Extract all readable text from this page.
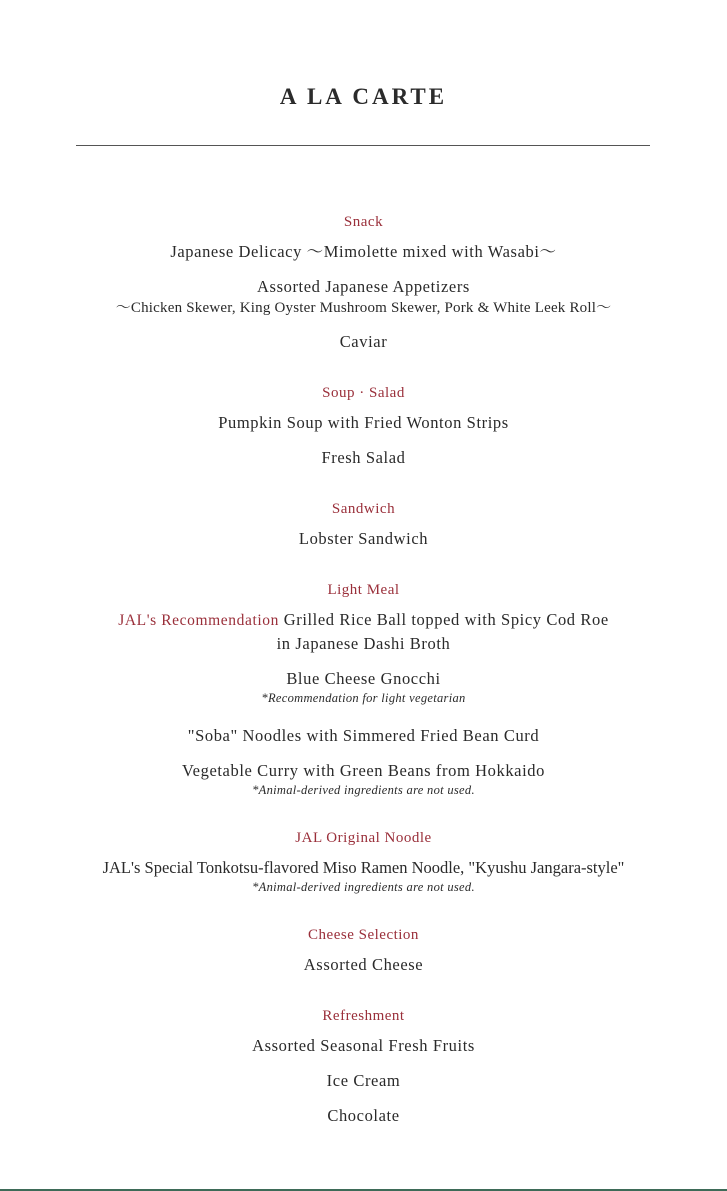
A LA CARTE
Snack
Japanese Delicacy 〜Mimolette mixed with Wasabi〜
Assorted Japanese Appetizers
〜Chicken Skewer, King Oyster Mushroom Skewer, Pork & White Leek Roll〜
Caviar
Soup · Salad
Pumpkin Soup with Fried Wonton Strips
Fresh Salad
Sandwich
Lobster Sandwich
Light Meal
JAL's Recommendation Grilled Rice Ball topped with Spicy Cod Roe
in Japanese Dashi Broth
Blue Cheese Gnocchi
*Recommendation for light vegetarian
"Soba" Noodles with Simmered Fried Bean Curd
Vegetable Curry with Green Beans from Hokkaido
*Animal-derived ingredients are not used.
JAL Original Noodle
JAL's Special Tonkotsu-flavored Miso Ramen Noodle, "Kyushu Jangara-style"
*Animal-derived ingredients are not used.
Cheese Selection
Assorted Cheese
Refreshment
Assorted Seasonal Fresh Fruits
Ice Cream
Chocolate
